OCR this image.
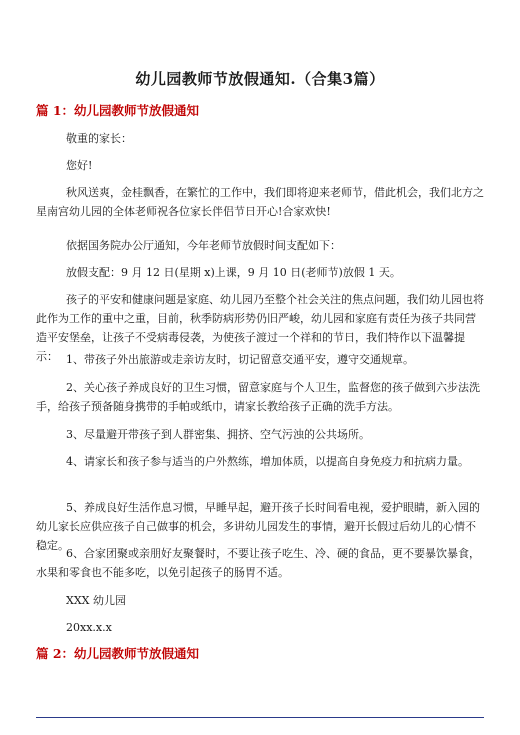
幼儿园教师节放假通知.（合集3篇）
篇 1：幼儿园教师节放假通知
敬重的家长：
您好!
秋风送爽，金桂飘香，在繁忙的工作中，我们即将迎来老师节，借此机会，我们北方之星南宫幼儿园的全体老师祝各位家长伴侣节日开心!合家欢快!
依据国务院办公厅通知，今年老师节放假时间支配如下：
放假支配：9 月 12 日(星期 x)上课，9 月 10 日(老师节)放假 1 天。
孩子的平安和健康问题是家庭、幼儿园乃至整个社会关注的焦点问题，我们幼儿园也将此作为工作的重中之重，目前，秋季防病形势仍旧严峻，幼儿园和家庭有责任为孩子共同营造平安堡垒，让孩子不受病毒侵袭，为使孩子渡过一个祥和的节日，我们特作以下温馨提示： 1、带孩子外出旅游或走亲访友时，切记留意交通平安，遵守交通规章。
2、关心孩子养成良好的卫生习惯，留意家庭与个人卫生，监督您的孩子做到六步法洗手，给孩子预备随身携带的手帕或纸巾，请家长教给孩子正确的洗手方法。
3、尽量避开带孩子到人群密集、拥挤、空气污浊的公共场所。
4、请家长和孩子参与适当的户外熬练，增加体质，以提高自身免疫力和抗病力量。
5、养成良好生活作息习惯，早睡早起，避开孩子长时间看电视，爱护眼睛，新入园的幼儿家长应供应孩子自己做事的机会，多讲幼儿园发生的事情，避开长假过后幼儿的心情不稳定。
6、合家团聚或亲朋好友聚餐时，不要让孩子吃生、冷、硬的食品，更不要暴饮暴食，水果和零食也不能多吃，以免引起孩子的肠胃不适。
XXX 幼儿园
20xx.x.x
篇 2：幼儿园教师节放假通知
